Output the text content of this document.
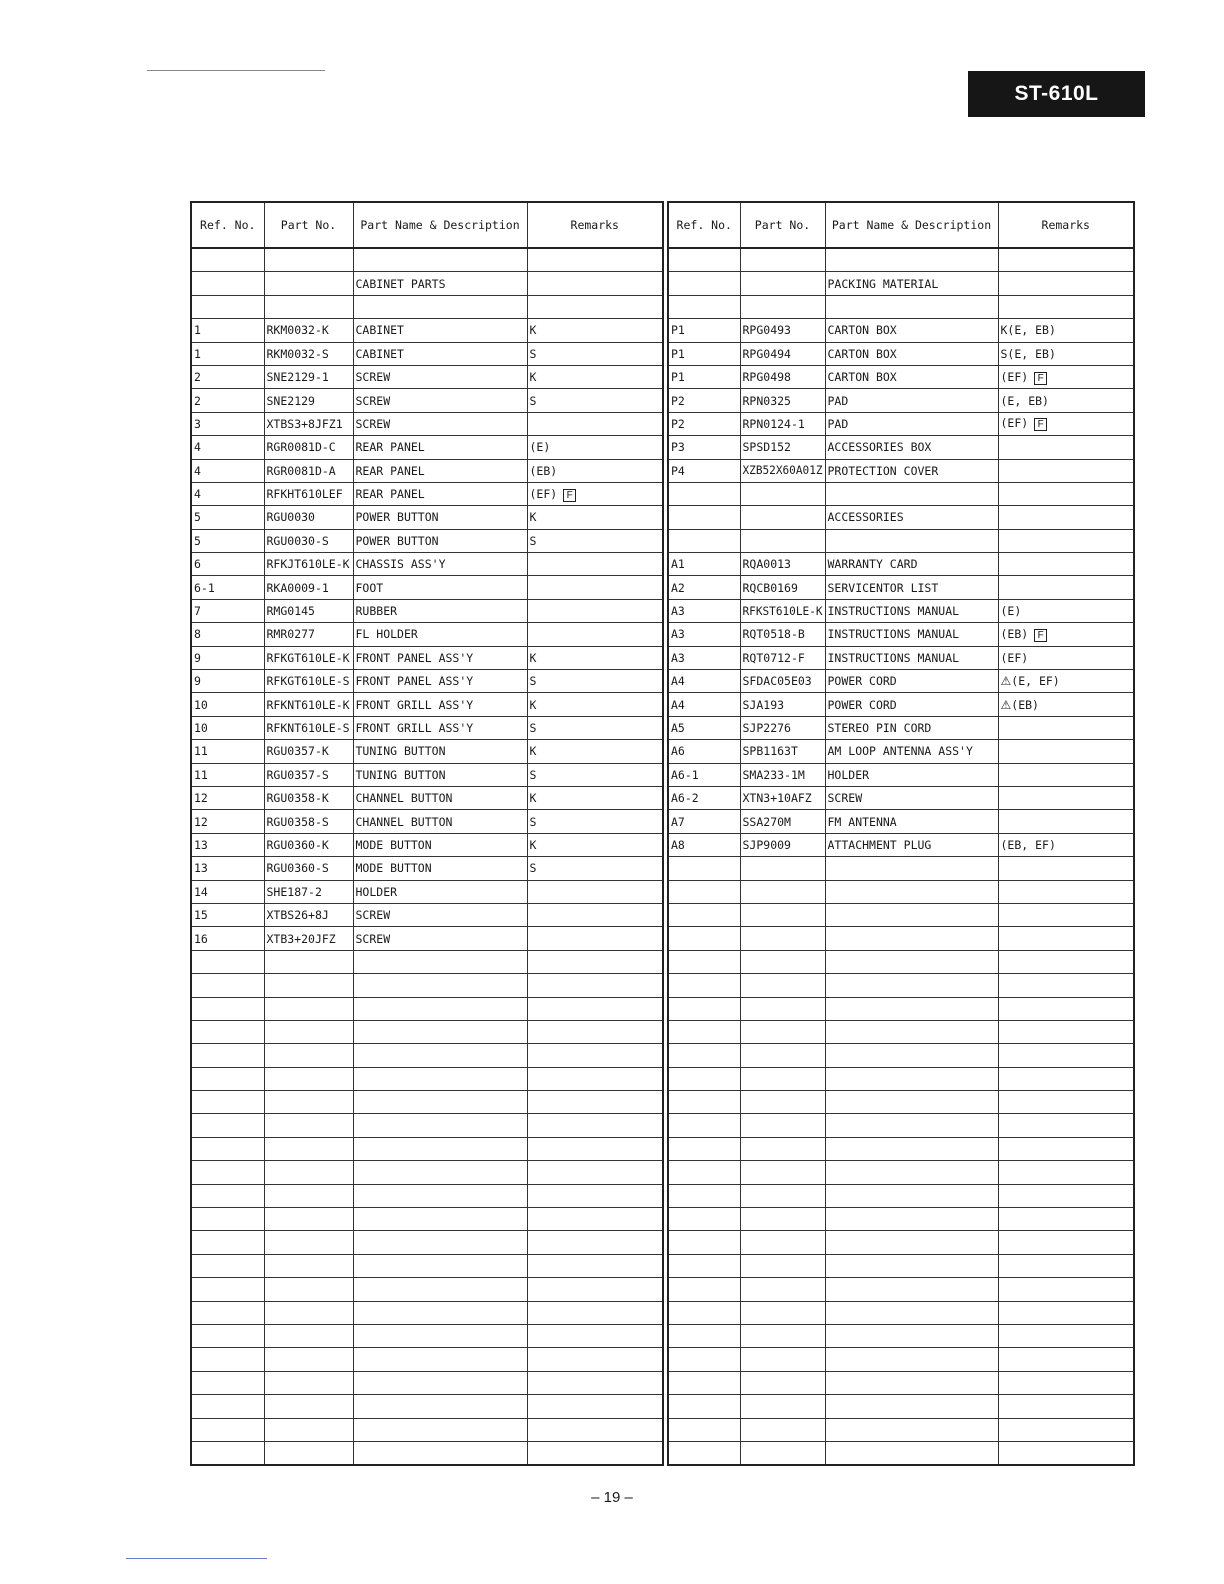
ST-610L
Ref. No.	Part No.	Part Name & Description	Remarks

		CABINET PARTS	

1	RKM0032-K	CABINET	K
1	RKM0032-S	CABINET	S
2	SNE2129-1	SCREW	K
2	SNE2129	SCREW	S
3	XTBS3+8JFZ1	SCREW	
4	RGR0081D-C	REAR PANEL	(E)
4	RGR0081D-A	REAR PANEL	(EB)
4	RFKHT610LEF	REAR PANEL	(EF) F
5	RGU0030	POWER BUTTON	K
5	RGU0030-S	POWER BUTTON	S
6	RFKJT610LE-K	CHASSIS ASS'Y	
6-1	RKA0009-1	FOOT	
7	RMG0145	RUBBER	
8	RMR0277	FL HOLDER	
9	RFKGT610LE-K	FRONT PANEL ASS'Y	K
9	RFKGT610LE-S	FRONT PANEL ASS'Y	S
10	RFKNT610LE-K	FRONT GRILL ASS'Y	K
10	RFKNT610LE-S	FRONT GRILL ASS'Y	S
11	RGU0357-K	TUNING BUTTON	K
11	RGU0357-S	TUNING BUTTON	S
12	RGU0358-K	CHANNEL BUTTON	K
12	RGU0358-S	CHANNEL BUTTON	S
13	RGU0360-K	MODE BUTTON	K
13	RGU0360-S	MODE BUTTON	S
14	SHE187-2	HOLDER	
15	XTBS26+8J	SCREW	
16	XTB3+20JFZ	SCREW	

Ref. No.	Part No.	Part Name & Description	Remarks

		PACKING MATERIAL	

P1	RPG0493	CARTON BOX	K(E, EB)
P1	RPG0494	CARTON BOX	S(E, EB)
P1	RPG0498	CARTON BOX	(EF) F
P2	RPN0325	PAD	(E, EB)
P2	RPN0124-1	PAD	(EF) F
P3	SPSD152	ACCESSORIES BOX	
P4	XZB52X60A01Z	PROTECTION COVER	

		ACCESSORIES	

A1	RQA0013	WARRANTY CARD	
A2	RQCB0169	SERVICENTOR LIST	
A3	RFKST610LE-K	INSTRUCTIONS MANUAL	(E)
A3	RQT0518-B	INSTRUCTIONS MANUAL	(EB) F
A3	RQT0712-F	INSTRUCTIONS MANUAL	(EF)
A4	SFDAC05E03	POWER CORD	⚠(E, EF)
A4	SJA193	POWER CORD	⚠(EB)
A5	SJP2276	STEREO PIN CORD	
A6	SPB1163T	AM LOOP ANTENNA ASS'Y	
A6-1	SMA233-1M	HOLDER	
A6-2	XTN3+10AFZ	SCREW	
A7	SSA270M	FM ANTENNA	
A8	SJP9009	ATTACHMENT PLUG	(EB, EF)

– 19 –
